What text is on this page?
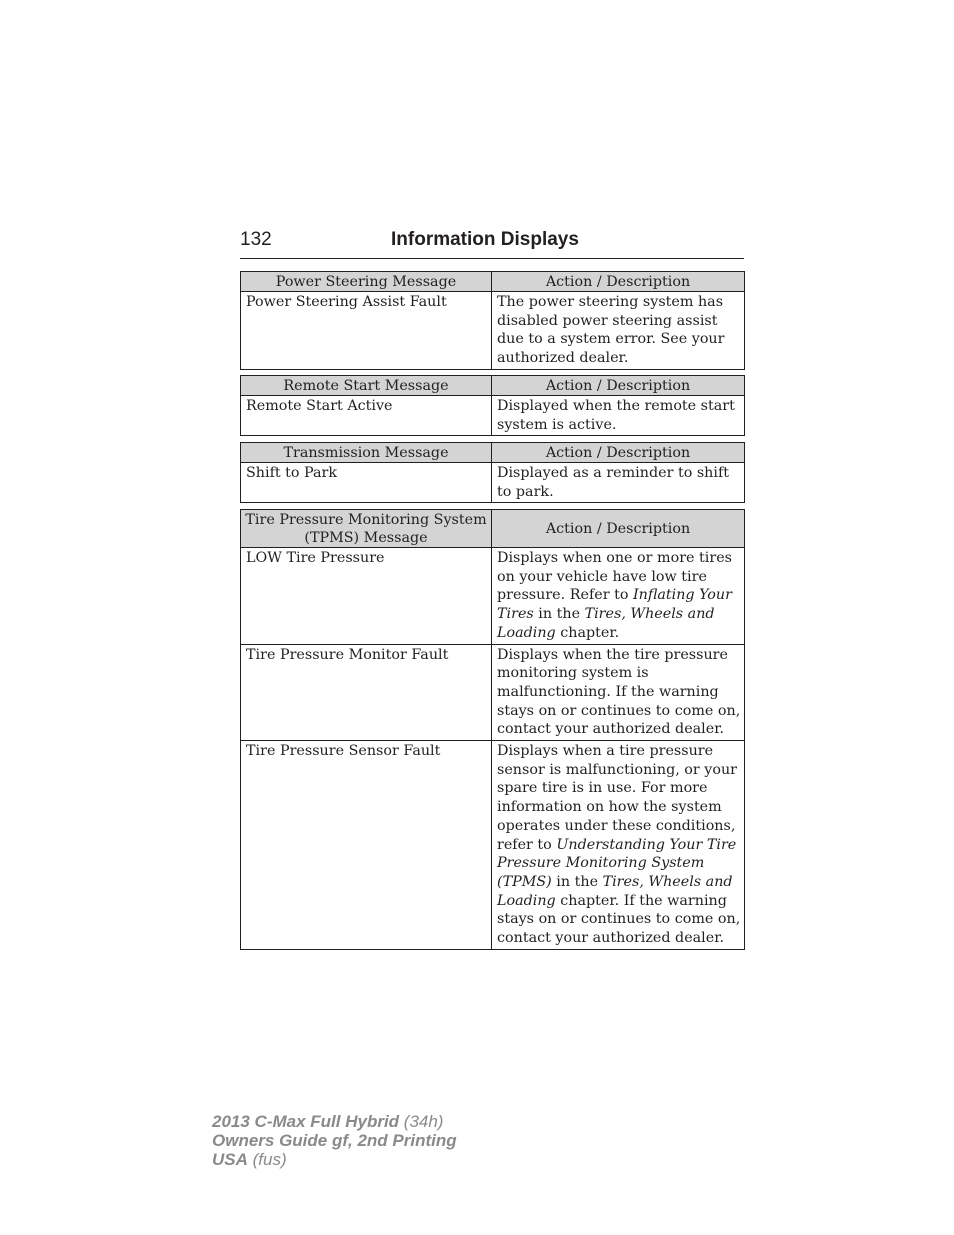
132	Information Displays
Power Steering Message	Action / Description
Power Steering Assist Fault	The power steering system has disabled power steering assist due to a system error. See your authorized dealer.
Remote Start Message	Action / Description
Remote Start Active	Displayed when the remote start system is active.
Transmission Message	Action / Description
Shift to Park	Displayed as a reminder to shift to park.
Tire Pressure Monitoring System (TPMS) Message	Action / Description
LOW Tire Pressure	Displays when one or more tires on your vehicle have low tire pressure. Refer to Inflating Your Tires in the Tires, Wheels and Loading chapter.
Tire Pressure Monitor Fault	Displays when the tire pressure monitoring system is malfunctioning. If the warning stays on or continues to come on, contact your authorized dealer.
Tire Pressure Sensor Fault	Displays when a tire pressure sensor is malfunctioning, or your spare tire is in use. For more information on how the system operates under these conditions, refer to Understanding Your Tire Pressure Monitoring System (TPMS) in the Tires, Wheels and Loading chapter. If the warning stays on or continues to come on, contact your authorized dealer.
2013 C-Max Full Hybrid (34h)
Owners Guide gf, 2nd Printing
USA (fus)
